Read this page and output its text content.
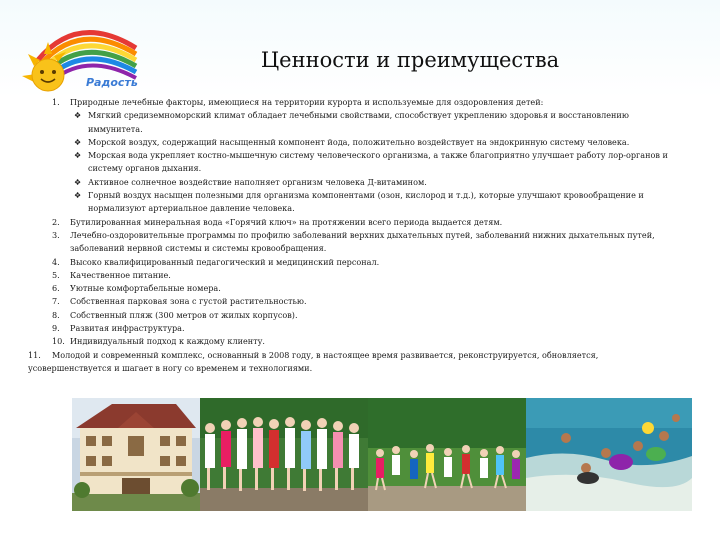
Радость
Ценности и преимущества
1. Природные лечебные факторы, имеющиеся на территории курорта и используемые для оздоровления детей:
❖ Мягкий средиземноморский климат обладает лечебными свойствами, способствует укреплению здоровья и восстановлению иммунитета.
❖ Морской воздух, содержащий насыщенный компонент йода, положительно воздействует на эндокринную систему человека.
❖ Морская вода укрепляет костно-мышечную систему человеческого организма, а также благоприятно улучшает работу лор-органов и систему органов дыхания.
❖ Активное солнечное воздействие наполняет организм человека Д-витамином.
❖ Горный воздух насыщен полезными для организма компонентами (озон, кислород и т.д.), которые улучшают кровообращение и нормализуют артериальное давление человека.
2. Бутилированная минеральная вода «Горячий ключ» на протяжении всего периода выдается детям.
3. Лечебно-оздоровительные программы по профилю заболеваний верхних дыхательных путей, заболеваний нижних дыхательных путей, заболеваний нервной системы и системы кровообращения.
4. Высоко квалифицированный педагогический и медицинский персонал.
5. Качественное питание.
6. Уютные комфортабельные номера.
7. Собственная парковая зона с густой растительностью.
8. Собственный пляж (300 метров от жилых корпусов).
9. Развитая инфраструктура.
10. Индивидуальный подход к каждому клиенту.
11. Молодой и современный комплекс, основанный в 2008 году, в настоящее время развивается, реконструируется, обновляется, усовершенствуется и шагает в ногу со временем и технологиями.
